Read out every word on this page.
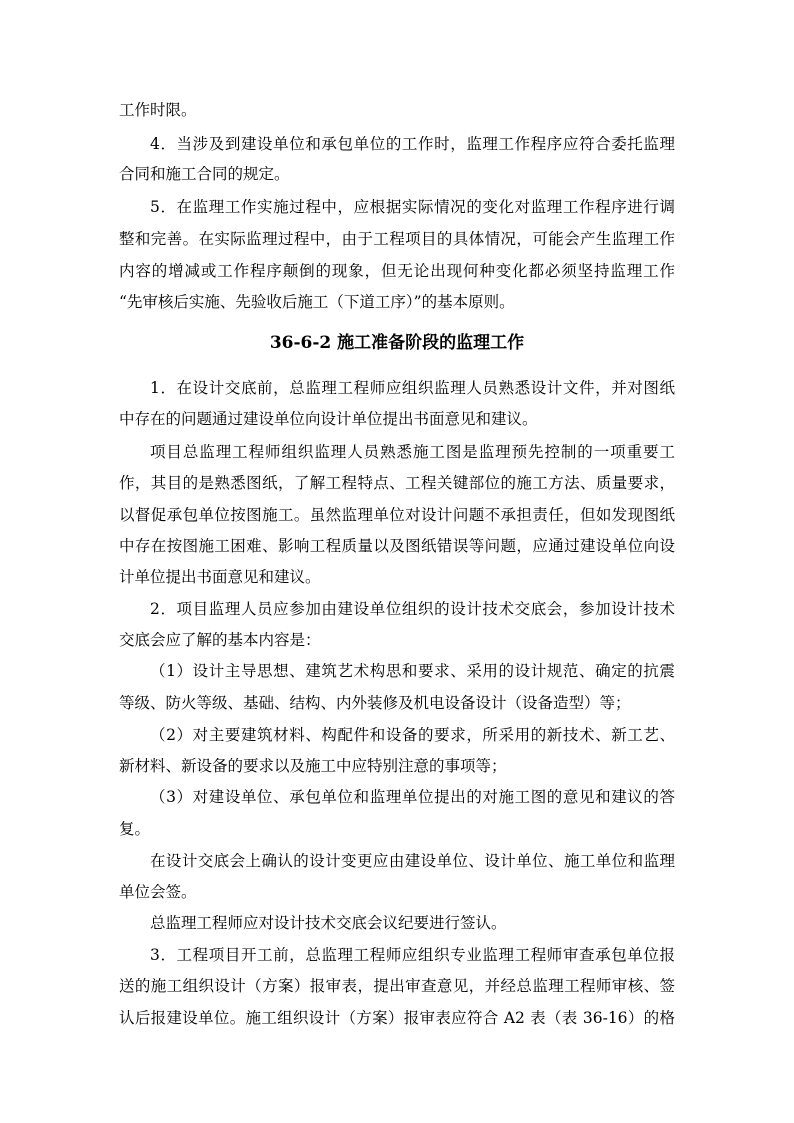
工作时限。
4．当涉及到建设单位和承包单位的工作时，监理工作程序应符合委托监理
合同和施工合同的规定。
5．在监理工作实施过程中，应根据实际情况的变化对监理工作程序进行调
整和完善。在实际监理过程中，由于工程项目的具体情况，可能会产生监理工作
内容的增减或工作程序颠倒的现象，但无论出现何种变化都必须坚持监理工作
“先审核后实施、先验收后施工（下道工序）”的基本原则。
36-6-2 施工准备阶段的监理工作
1．在设计交底前，总监理工程师应组织监理人员熟悉设计文件，并对图纸
中存在的问题通过建设单位向设计单位提出书面意见和建议。
项目总监理工程师组织监理人员熟悉施工图是监理预先控制的一项重要工
作，其目的是熟悉图纸，了解工程特点、工程关键部位的施工方法、质量要求，
以督促承包单位按图施工。虽然监理单位对设计问题不承担责任，但如发现图纸
中存在按图施工困难、影响工程质量以及图纸错误等问题，应通过建设单位向设
计单位提出书面意见和建议。
2．项目监理人员应参加由建设单位组织的设计技术交底会，参加设计技术
交底会应了解的基本内容是：
（1）设计主导思想、建筑艺术构思和要求、采用的设计规范、确定的抗震
等级、防火等级、基础、结构、内外装修及机电设备设计（设备造型）等；
（2）对主要建筑材料、构配件和设备的要求，所采用的新技术、新工艺、
新材料、新设备的要求以及施工中应特别注意的事项等；
（3）对建设单位、承包单位和监理单位提出的对施工图的意见和建议的答
复。
在设计交底会上确认的设计变更应由建设单位、设计单位、施工单位和监理
单位会签。
总监理工程师应对设计技术交底会议纪要进行签认。
3．工程项目开工前，总监理工程师应组织专业监理工程师审查承包单位报
送的施工组织设计（方案）报审表，提出审查意见，并经总监理工程师审核、签
认后报建设单位。施工组织设计（方案）报审表应符合 A2 表（表 36-16）的格
